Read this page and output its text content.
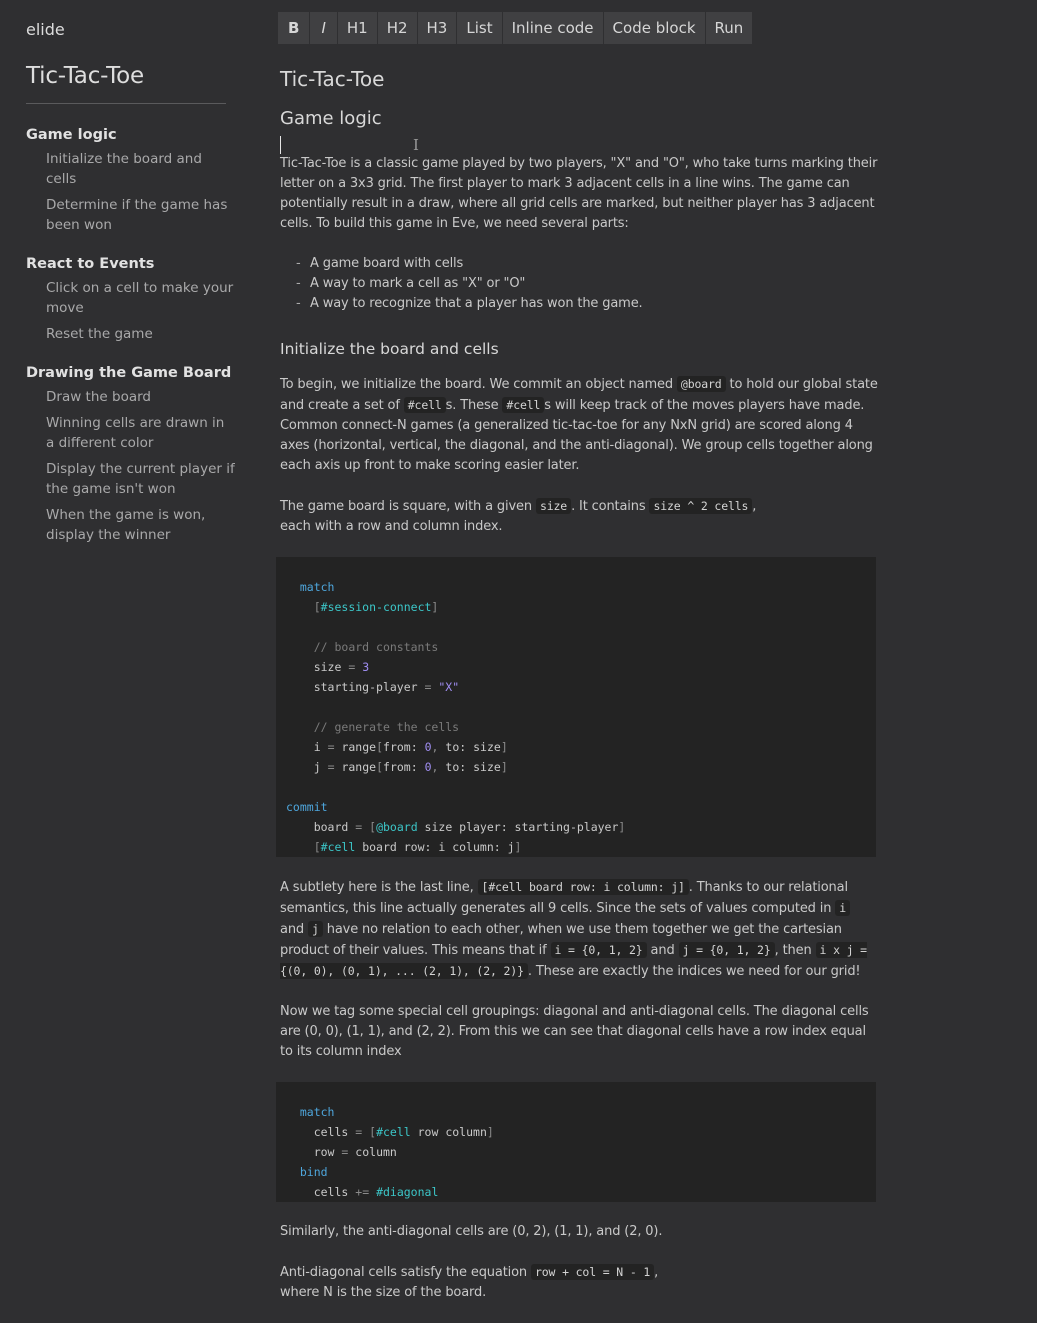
elide
Tic-Tac-Toe
Game logic
Initialize the board and cells
Determine if the game has been won
React to Events
Click on a cell to make your move
Reset the game
Drawing the Game Board
Draw the board
Winning cells are drawn in a different color
Display the current player if the game isn't won
When the game is won, display the winner
B	I	H1	H2	H3	List	Inline code	Code block	Run
Tic-Tac-Toe
Game logic
I

Tic-Tac-Toe is a classic game played by two players, "X" and "O", who take turns marking their letter on a 3x3 grid. The first player to mark 3 adjacent cells in a line wins. The game can potentially result in a draw, where all grid cells are marked, but neither player has 3 adjacent cells. To build this game in Eve, we need several parts:

- A game board with cells
- A way to mark a cell as "X" or "O"
- A way to recognize that a player has won the game.
Initialize the board and cells

To begin, we initialize the board. We commit an object named @board to hold our global state and create a set of #cell s. These #cell s will keep track of the moves players have made. Common connect-N games (a generalized tic-tac-toe for any NxN grid) are scored along 4 axes (horizontal, vertical, the diagonal, and the anti-diagonal). We group cells together along each axis up front to make scoring easier later.

The game board is square, with a given size . It contains size ^ 2 cells ,
each with a row and column index.

match
[#session-connect]

// board constants
size = 3
starting-player = "X"

// generate the cells
i = range[from: 0, to: size]
j = range[from: 0, to: size]

commit
board = [@board size player: starting-player]
[#cell board row: i column: j]

A subtlety here is the last line, [#cell board row: i column: j] . Thanks to our relational semantics, this line actually generates all 9 cells. Since the sets of values computed in i and j have no relation to each other, when we use them together we get the cartesian product of their values. This means that if i = {0, 1, 2} and j = {0, 1, 2} , then i x j = {(0, 0), (0, 1), ... (2, 1), (2, 2)} . These are exactly the indices we need for our grid!

Now we tag some special cell groupings: diagonal and anti-diagonal cells. The diagonal cells are (0, 0), (1, 1), and (2, 2). From this we can see that diagonal cells have a row index equal to its column index

match
cells = [#cell row column]
row = column
bind
cells += #diagonal

Similarly, the anti-diagonal cells are (0, 2), (1, 1), and (2, 0).

Anti-diagonal cells satisfy the equation row + col = N - 1 ,
where N is the size of the board.
